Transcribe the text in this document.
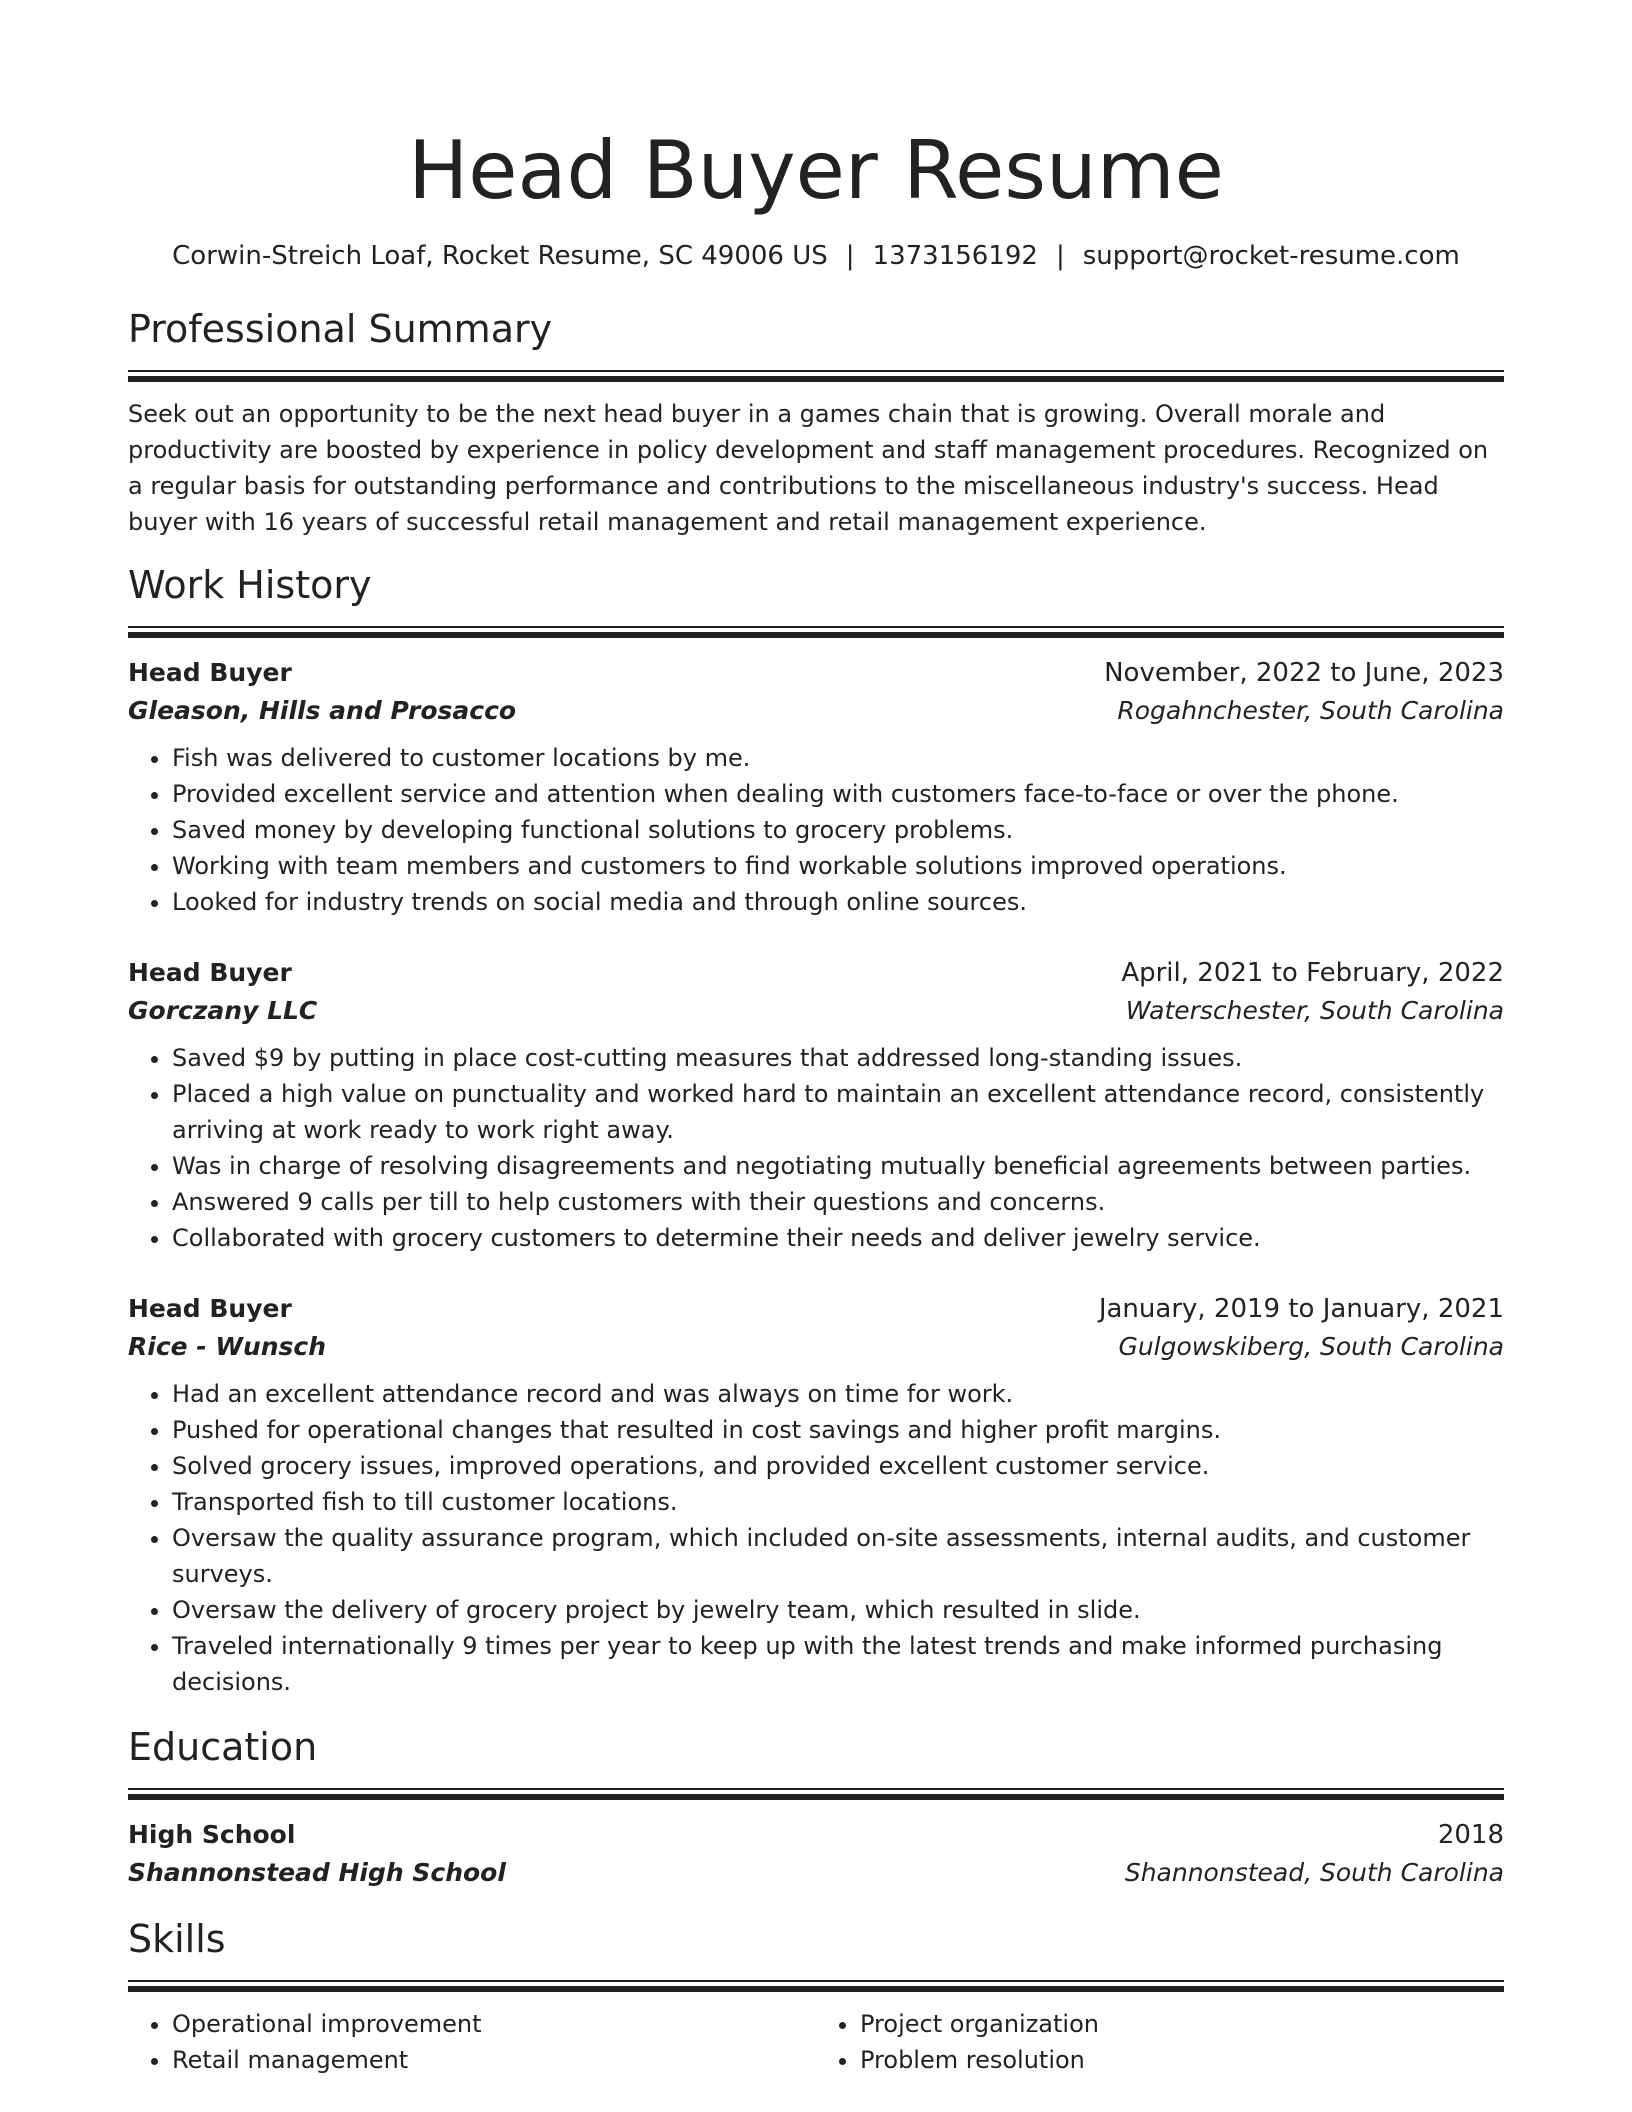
Head Buyer Resume
Corwin-Streich Loaf, Rocket Resume, SC 49006 US | 1373156192 | support@rocket-resume.com
Professional Summary

Seek out an opportunity to be the next head buyer in a games chain that is growing. Overall morale and productivity are boosted by experience in policy development and staff management procedures. Recognized on a regular basis for outstanding performance and contributions to the miscellaneous industry's success. Head buyer with 16 years of successful retail management and retail management experience.

Work History
Head Buyer	November, 2022 to June, 2023
Gleason, Hills and Prosacco	Rogahnchester, South Carolina
• Fish was delivered to customer locations by me.
• Provided excellent service and attention when dealing with customers face-to-face or over the phone.
• Saved money by developing functional solutions to grocery problems.
• Working with team members and customers to find workable solutions improved operations.
• Looked for industry trends on social media and through online sources.
Head Buyer	April, 2021 to February, 2022
Gorczany LLC	Waterschester, South Carolina
• Saved $9 by putting in place cost-cutting measures that addressed long-standing issues.
• Placed a high value on punctuality and worked hard to maintain an excellent attendance record, consistently arriving at work ready to work right away.
• Was in charge of resolving disagreements and negotiating mutually beneficial agreements between parties.
• Answered 9 calls per till to help customers with their questions and concerns.
• Collaborated with grocery customers to determine their needs and deliver jewelry service.
Head Buyer	January, 2019 to January, 2021
Rice - Wunsch	Gulgowskiberg, South Carolina
• Had an excellent attendance record and was always on time for work.
• Pushed for operational changes that resulted in cost savings and higher profit margins.
• Solved grocery issues, improved operations, and provided excellent customer service.
• Transported fish to till customer locations.
• Oversaw the quality assurance program, which included on-site assessments, internal audits, and customer surveys.
• Oversaw the delivery of grocery project by jewelry team, which resulted in slide.
• Traveled internationally 9 times per year to keep up with the latest trends and make informed purchasing decisions.
Education
High School	2018
Shannonstead High School	Shannonstead, South Carolina
Skills
• Operational improvement
• Retail management
• Project organization
• Problem resolution
